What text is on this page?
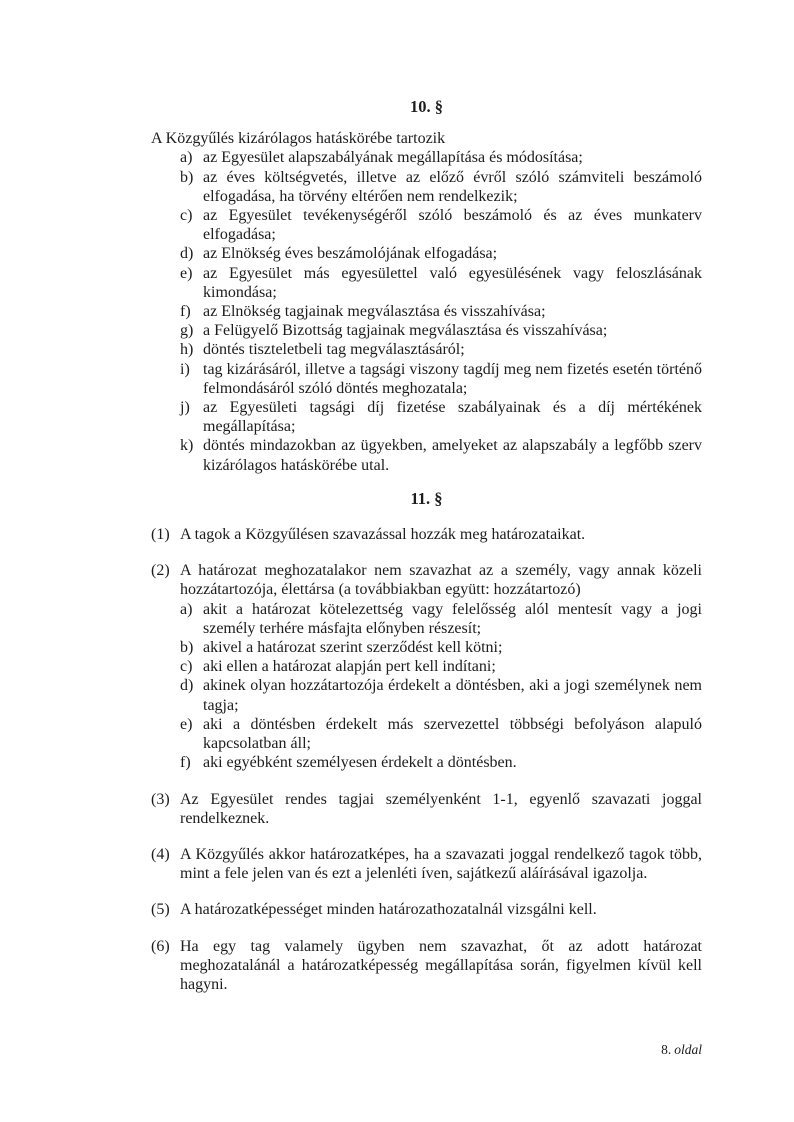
10. §

A Közgyűlés kizárólagos hatáskörébe tartozik

a) az Egyesület alapszabályának megállapítása és módosítása;
b) az éves költségvetés, illetve az előző évről szóló számviteli beszámoló elfogadása, ha törvény eltérően nem rendelkezik;
c) az Egyesület tevékenységéről szóló beszámoló és az éves munkaterv elfogadása;
d) az Elnökség éves beszámolójának elfogadása;
e) az Egyesület más egyesülettel való egyesülésének vagy feloszlásának kimondása;
f) az Elnökség tagjainak megválasztása és visszahívása;
g) a Felügyelő Bizottság tagjainak megválasztása és visszahívása;
h) döntés tiszteletbeli tag megválasztásáról;
i) tag kizárásáról, illetve a tagsági viszony tagdíj meg nem fizetés esetén történő felmondásáról szóló döntés meghozatala;
j) az Egyesületi tagsági díj fizetése szabályainak és a díj mértékének megállapítása;
k) döntés mindazokban az ügyekben, amelyeket az alapszabály a legfőbb szerv kizárólagos hatáskörébe utal.
11. §
(1) A tagok a Közgyűlésen szavazással hozzák meg határozataikat.
(2) A határozat meghozatalakor nem szavazhat az a személy, vagy annak közeli hozzátartozója, élettársa (a továbbiakban együtt: hozzátartozó)
a) akit a határozat kötelezettség vagy felelősség alól mentesít vagy a jogi személy terhére másfajta előnyben részesít;
b) akivel a határozat szerint szerződést kell kötni;
c) aki ellen a határozat alapján pert kell indítani;
d) akinek olyan hozzátartozója érdekelt a döntésben, aki a jogi személynek nem tagja;
e) aki a döntésben érdekelt más szervezettel többségi befolyáson alapuló kapcsolatban áll;
f) aki egyébként személyesen érdekelt a döntésben.
(3) Az Egyesület rendes tagjai személyenként 1-1, egyenlő szavazati joggal rendelkeznek.
(4) A Közgyűlés akkor határozatképes, ha a szavazati joggal rendelkező tagok több, mint a fele jelen van és ezt a jelenléti íven, sajátkezű aláírásával igazolja.
(5) A határozatképességet minden határozathozatalnál vizsgálni kell.
(6) Ha egy tag valamely ügyben nem szavazhat, őt az adott határozat meghozatalánál a határozatképesség megállapítása során, figyelmen kívül kell hagyni.
8. oldal
